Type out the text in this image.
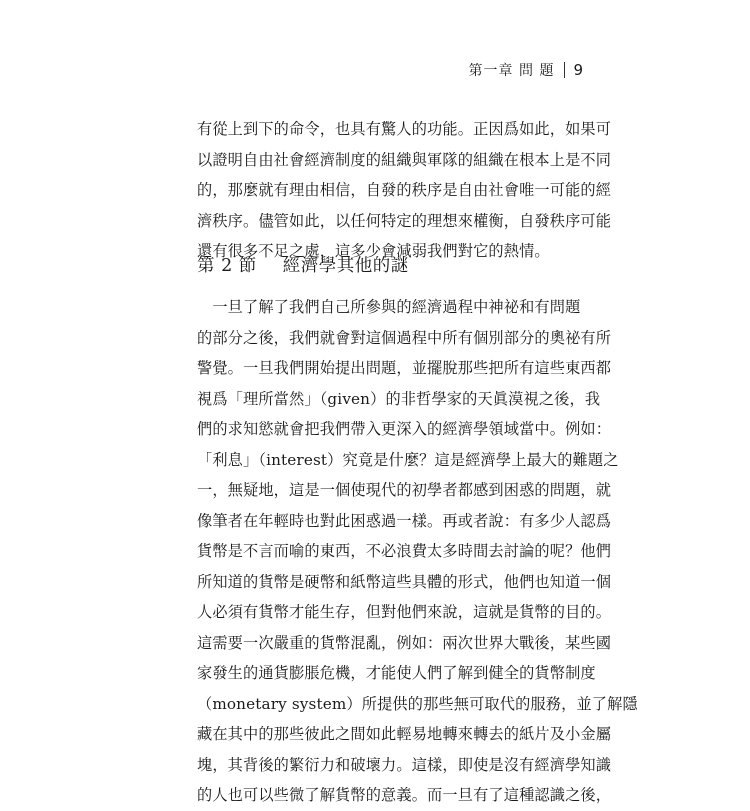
第一章 問 題 9
有從上到下的命令，也具有驚人的功能。正因爲如此，如果可
以證明自由社會經濟制度的組織與軍隊的組織在根本上是不同
的，那麼就有理由相信，自發的秩序是自由社會唯一可能的經
濟秩序。儘管如此，以任何特定的理想來權衡，自發秩序可能
還有很多不足之處，這多少會減弱我們對它的熱情。
第 2 節 經濟學其他的謎
　一旦了解了我們自己所參與的經濟過程中神祕和有問題
的部分之後，我們就會對這個過程中所有個別部分的奧祕有所
警覺。一旦我們開始提出問題，並擺脫那些把所有這些東西都
視爲「理所當然」（given）的非哲學家的天眞漠視之後，我
們的求知慾就會把我們帶入更深入的經濟學領域當中。例如：
「利息」（interest）究竟是什麼？這是經濟學上最大的難題之
一，無疑地，這是一個使現代的初學者都感到困惑的問題，就
像筆者在年輕時也對此困惑過一樣。再或者說：有多少人認爲
貨幣是不言而喻的東西，不必浪費太多時間去討論的呢？他們
所知道的貨幣是硬幣和紙幣這些具體的形式，他們也知道一個
人必須有貨幣才能生存，但對他們來說，這就是貨幣的目的。
這需要一次嚴重的貨幣混亂，例如：兩次世界大戰後，某些國
家發生的通貨膨脹危機，才能使人們了解到健全的貨幣制度
（monetary system）所提供的那些無可取代的服務，並了解隱
藏在其中的那些彼此之間如此輕易地轉來轉去的紙片及小金屬
塊，其背後的繁衍力和破壞力。這樣，即使是沒有經濟學知識
的人也可以些微了解貨幣的意義。而一旦有了這種認識之後，
